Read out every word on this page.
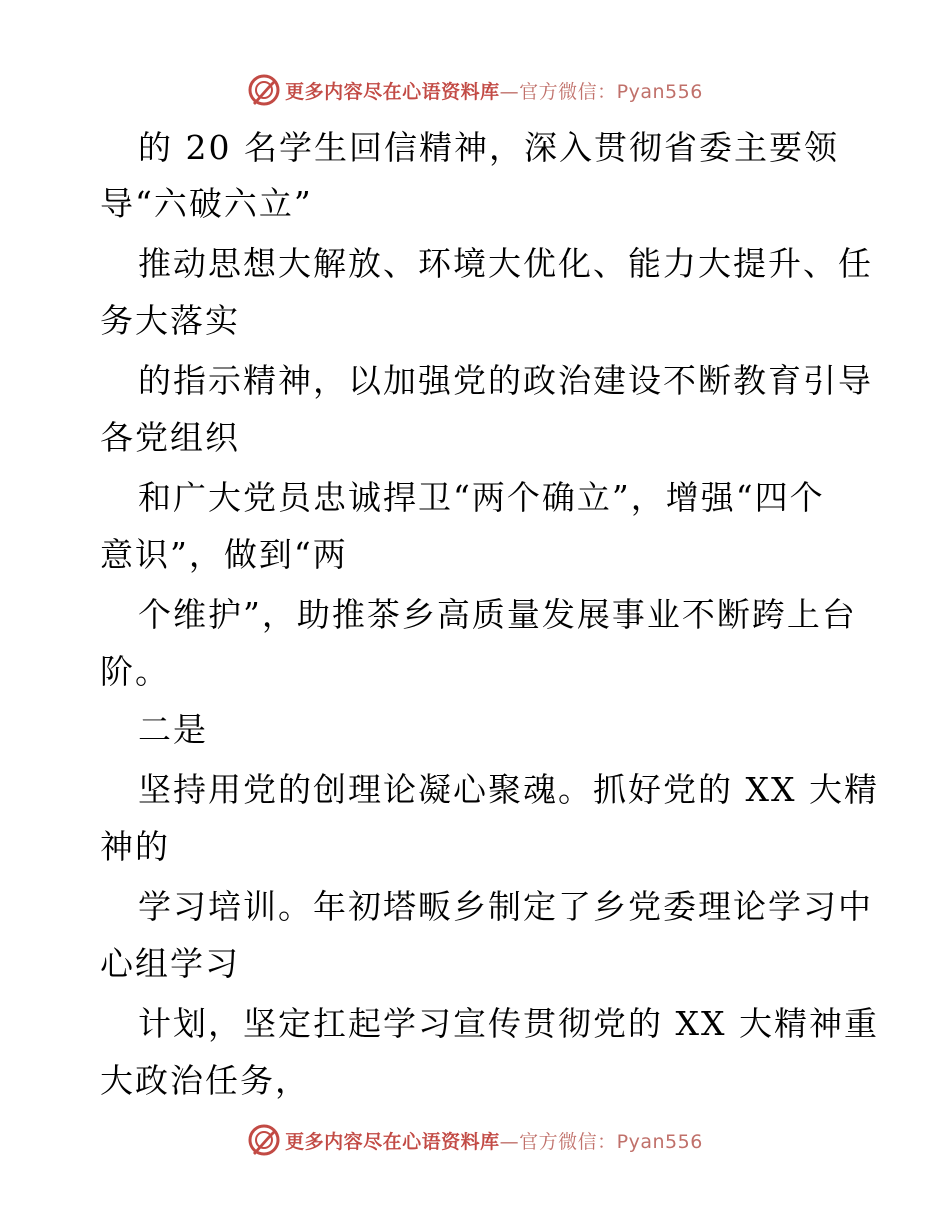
更多内容尽在心语资料库—官方微信：Pyan556
的 20 名学生回信精神，深入贯彻省委主要领
导“六破六立”
推动思想大解放、环境大优化、能力大提升、任
务大落实
的指示精神，以加强党的政治建设不断教育引导
各党组织
和广大党员忠诚捍卫“两个确立”，增强“四个
意识”，做到“两
个维护”，助推茶乡高质量发展事业不断跨上台
阶。
二是
坚持用党的创理论凝心聚魂。抓好党的 XX 大精
神的
学习培训。年初塔畈乡制定了乡党委理论学习中
心组学习
计划，坚定扛起学习宣传贯彻党的 XX 大精神重
大政治任务，
更多内容尽在心语资料库—官方微信：Pyan556
